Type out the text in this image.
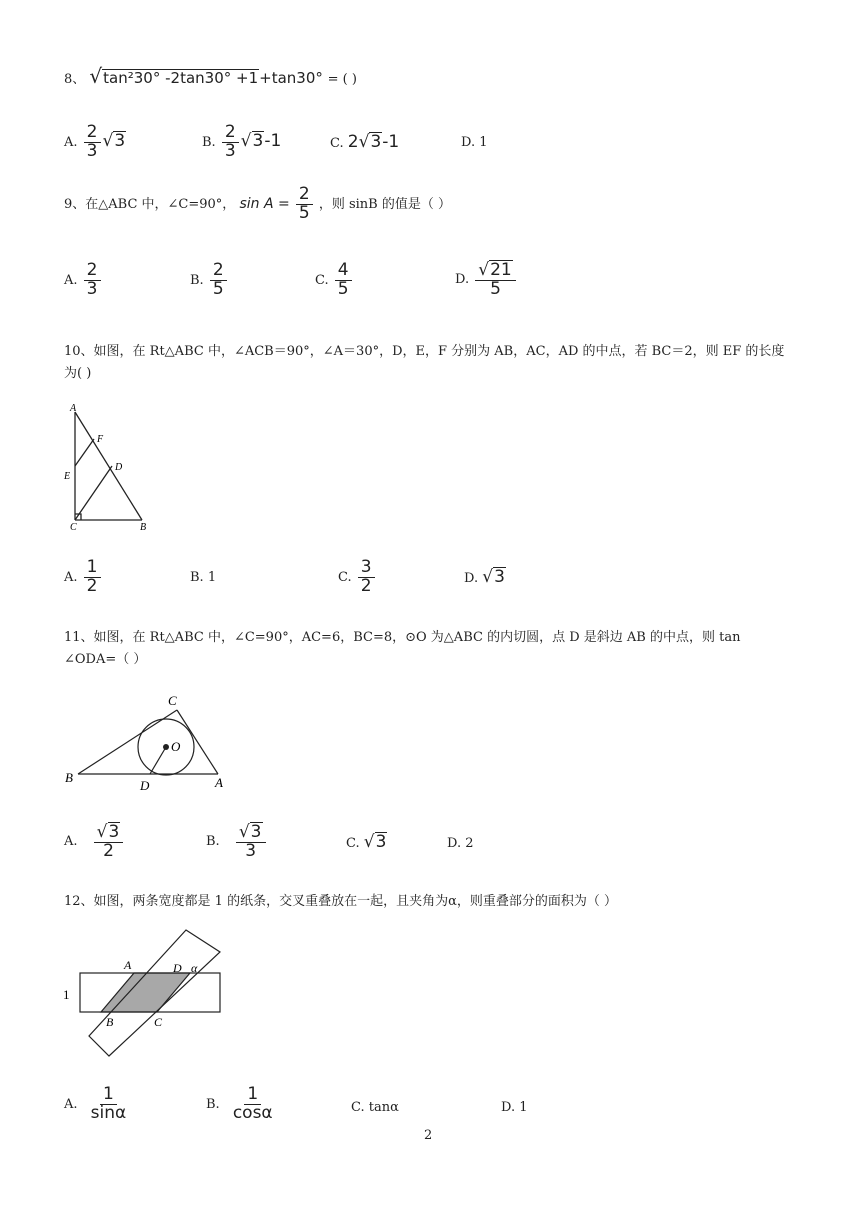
8、 √tan²30° -2tan30° +1+tan30° = ( )
A. $\frac{2}{3} √3$	B. $\frac{2}{3} √3-1$	C. 2√3-1	D. 1
9、在△ABC 中，∠C=90°， $\sin A = \frac{2}{5}$ ，则 sinB 的值是（ ）
A. $\frac{2}{3}$	B. $\frac{2}{5}$	C. $\frac{4}{5}$	D. $\frac{√21}{5}$
10、如图，在 Rt△ABC 中，∠ACB＝90°，∠A＝30°，D，E，F 分别为 AB，AC，AD 的中点，若 BC＝2，则 EF 的长度
为( )
A
F
D
E
C	B
A. $\frac{1}{2}$	B. 1	C. $\frac{3}{2}$	D. √3
11、如图，在 Rt△ABC 中，∠C=90°，AC=6，BC=8，⊙O 为△ABC 的内切圆，点 D 是斜边 AB 的中点，则 tan
∠ODA=（ ）
C
O
B
D	A
A. $\frac{√3}{2}$	B. $\frac{√3}{3}$	C. √3	D. 2
12、如图，两条宽度都是 1 的纸条，交叉重叠放在一起，且夹角为α，则重叠部分的面积为（ ）
A	D α
1
B	C
A. $\frac{1}{\sin\alpha}$	B. $\frac{1}{\cos\alpha}$	C. tanα	D. 1
2
